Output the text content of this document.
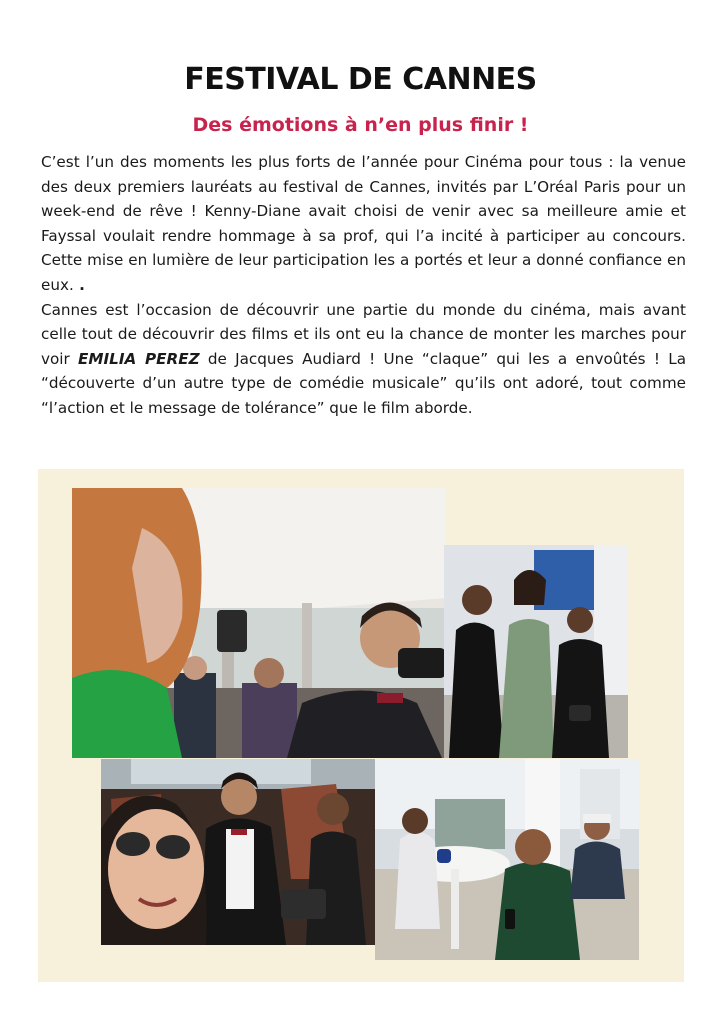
FESTIVAL DE CANNES
Des émotions à n’en plus finir !

C’est l’un des moments les plus forts de l’année pour Cinéma pour tous : la venue des deux premiers lauréats au festival de Cannes, invités par L’Oréal Paris pour un week-end de rêve ! Kenny-Diane avait choisi de venir avec sa meilleure amie et Fayssal voulait rendre hommage à sa prof, qui l’a incité à participer au concours. Cette mise en lumière de leur participation les a portés et leur a donné confiance en eux. .

Cannes est l’occasion de découvrir une partie du monde du cinéma, mais avant celle tout de découvrir des films et ils ont eu la chance de monter les marches pour voir EMILIA PEREZ de Jacques Audiard ! Une “claque” qui les a envoûtés ! La “découverte d’un autre type de comédie musicale” qu’ils ont adoré, tout comme “l’action et le message de tolérance” que le film aborde.
